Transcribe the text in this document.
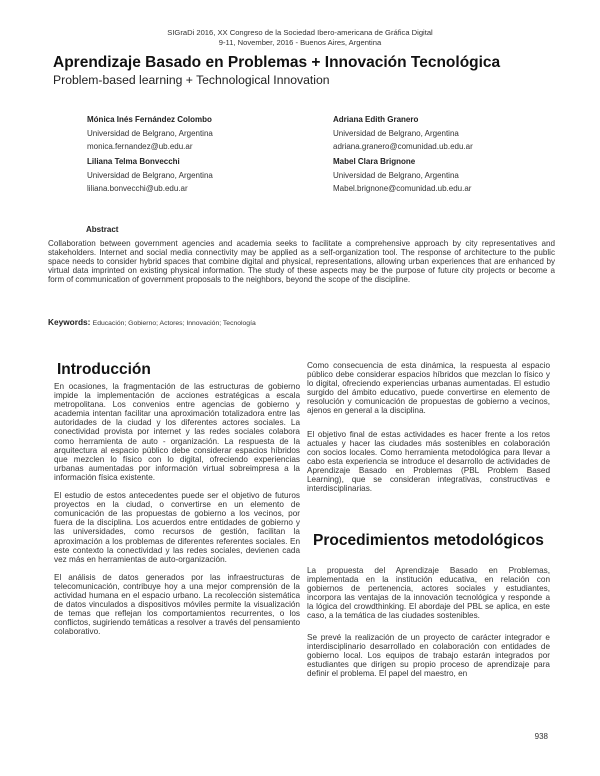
SIGraDi 2016, XX Congreso de la Sociedad Ibero-americana de Gráfica Digital
9-11, November, 2016 - Buenos Aires, Argentina
Aprendizaje Basado en Problemas + Innovación Tecnológica
Problem-based learning + Technological Innovation
Mónica Inés Fernández Colombo
Universidad de Belgrano, Argentina
monica.fernandez@ub.edu.ar
Adriana Edith Granero
Universidad de Belgrano, Argentina
adriana.granero@comunidad.ub.edu.ar
Liliana Telma Bonvecchi
Universidad de Belgrano, Argentina
liliana.bonvecchi@ub.edu.ar
Mabel Clara Brignone
Universidad de Belgrano, Argentina
Mabel.brignone@comunidad.ub.edu.ar
Abstract
Collaboration between government agencies and academia seeks to facilitate a comprehensive approach by city representatives and stakeholders. Internet and social media connectivity may be applied as a self-organization tool. The response of architecture to the public space needs to consider hybrid spaces that combine digital and physical, representations, allowing urban experiences that are enhanced by virtual data imprinted on existing physical information. The study of these aspects may be the purpose of future city projects or become a form of communication of government proposals to the neighbors, beyond the scope of the discipline.
Keywords: Educación; Gobierno; Actores; Innovación; Tecnología
Introducción

En ocasiones, la fragmentación de las estructuras de gobierno impide la implementación de acciones estratégicas a escala metropolitana. Los convenios entre agencias de gobierno y academia intentan facilitar una aproximación totalizadora entre las autoridades de la ciudad y los diferentes actores sociales. La conectividad provista por internet y las redes sociales colabora como herramienta de auto - organización. La respuesta de la arquitectura al espacio público debe considerar espacios híbridos que mezclen lo físico con lo digital, ofreciendo experiencias urbanas aumentadas por información virtual sobreimpresa a la información física existente.

El estudio de estos antecedentes puede ser el objetivo de futuros proyectos en la ciudad, o convertirse en un elemento de comunicación de las propuestas de gobierno a los vecinos, por fuera de la disciplina. Los acuerdos entre entidades de gobierno y las universidades, como recursos de gestión, facilitan la aproximación a los problemas de diferentes referentes sociales. En este contexto la conectividad y las redes sociales, devienen cada vez más en herramientas de auto-organización.

El análisis de datos generados por las infraestructuras de telecomunicación, contribuye hoy a una mejor comprensión de la actividad humana en el espacio urbano. La recolección sistemática de datos vinculados a dispositivos móviles permite la visualización de temas que reflejan los comportamientos recurrentes, o los conflictos, sugiriendo temáticas a resolver a través del pensamiento colaborativo.

Como consecuencia de esta dinámica, la respuesta al espacio público debe considerar espacios híbridos que mezclan lo físico y lo digital, ofreciendo experiencias urbanas aumentadas. El estudio surgido del ámbito educativo, puede convertirse en elemento de resolución y comunicación de propuestas de gobierno a vecinos, ajenos en general a la disciplina.

El objetivo final de estas actividades es hacer frente a los retos actuales y hacer las ciudades más sostenibles en colaboración con socios locales. Como herramienta metodológica para llevar a cabo esta experiencia se introduce el desarrollo de actividades de Aprendizaje Basado en Problemas (PBL Problem Based Learning), que se consideran integrativas, constructivas e interdisciplinarias.

Procedimientos metodológicos

La propuesta del Aprendizaje Basado en Problemas, implementada en la institución educativa, en relación con gobiernos de pertenencia, actores sociales y estudiantes, incorpora las ventajas de la innovación tecnológica y responde a la lógica del crowdthinking. El abordaje del PBL se aplica, en este caso, a la temática de las ciudades sostenibles.

Se prevé la realización de un proyecto de carácter integrador e interdisciplinario desarrollado en colaboración con entidades de gobierno local. Los equipos de trabajo estarán integrados por estudiantes que dirigen su propio proceso de aprendizaje para definir el problema. El papel del maestro, en

938
